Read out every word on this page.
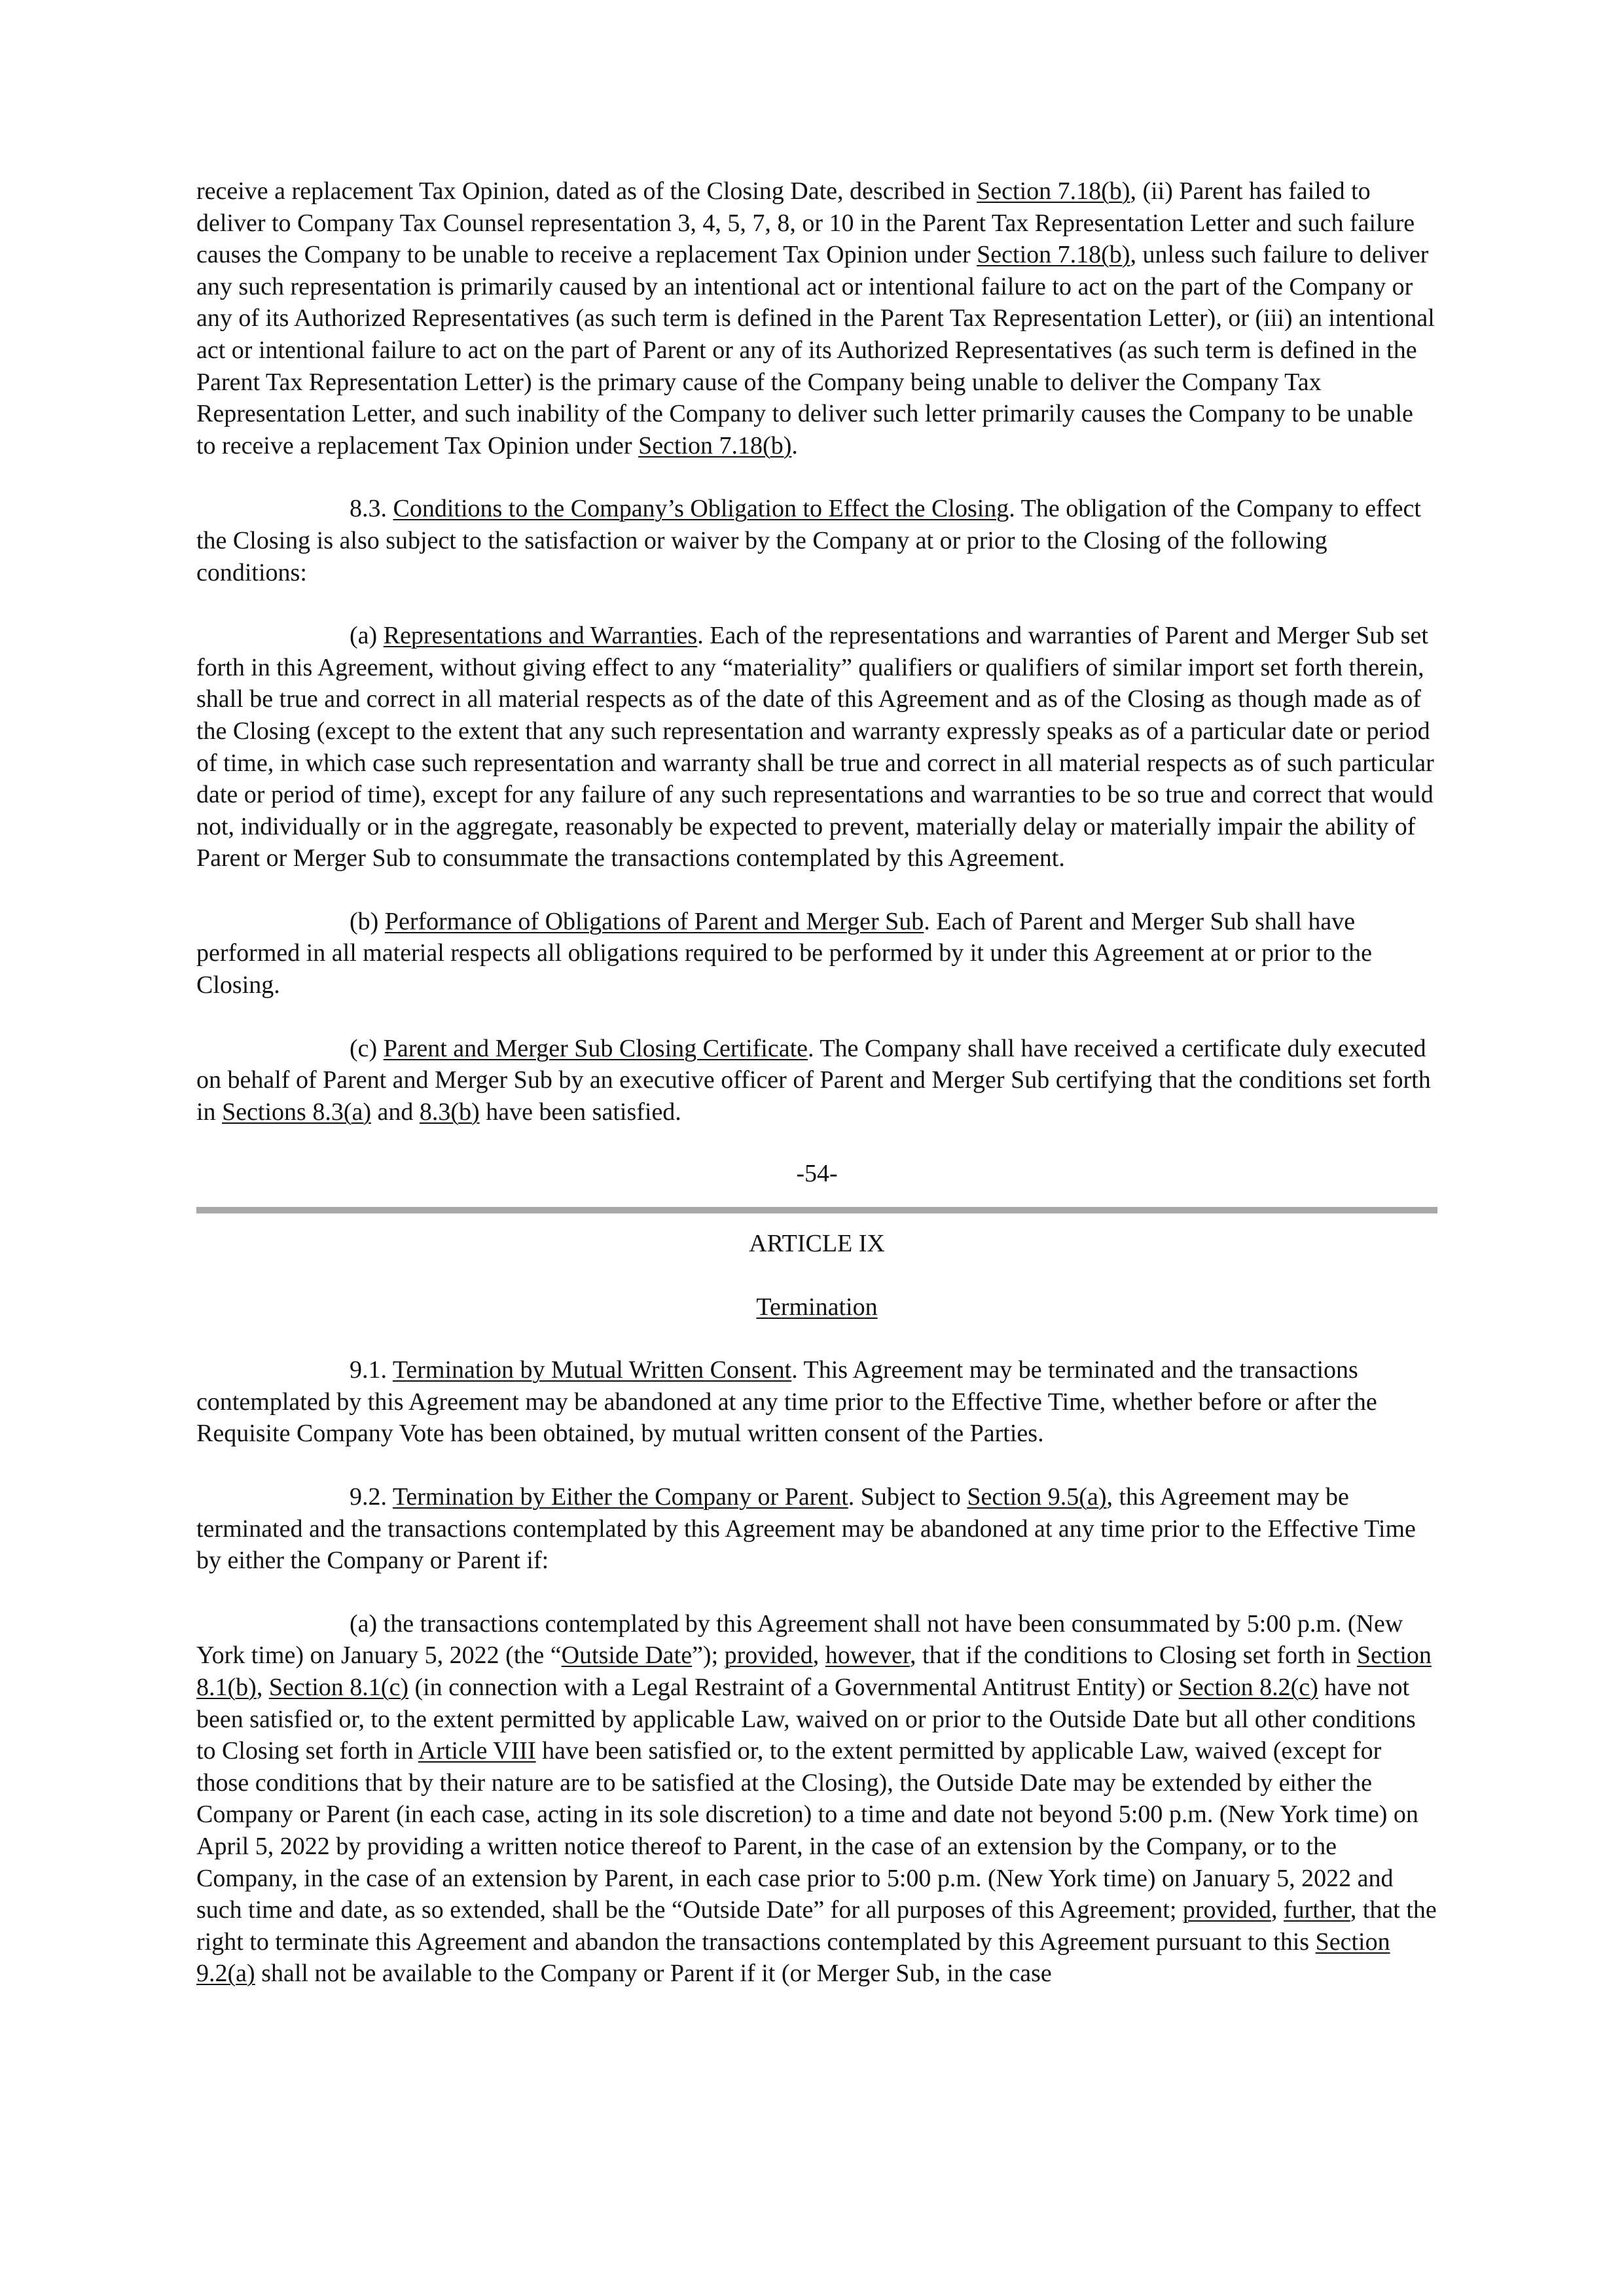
receive a replacement Tax Opinion, dated as of the Closing Date, described in Section 7.18(b), (ii) Parent has failed to deliver to Company Tax Counsel representation 3, 4, 5, 7, 8, or 10 in the Parent Tax Representation Letter and such failure causes the Company to be unable to receive a replacement Tax Opinion under Section 7.18(b), unless such failure to deliver any such representation is primarily caused by an intentional act or intentional failure to act on the part of the Company or any of its Authorized Representatives (as such term is defined in the Parent Tax Representation Letter), or (iii) an intentional act or intentional failure to act on the part of Parent or any of its Authorized Representatives (as such term is defined in the Parent Tax Representation Letter) is the primary cause of the Company being unable to deliver the Company Tax Representation Letter, and such inability of the Company to deliver such letter primarily causes the Company to be unable to receive a replacement Tax Opinion under Section 7.18(b).

8.3. Conditions to the Company’s Obligation to Effect the Closing. The obligation of the Company to effect the Closing is also subject to the satisfaction or waiver by the Company at or prior to the Closing of the following conditions:

(a) Representations and Warranties. Each of the representations and warranties of Parent and Merger Sub set forth in this Agreement, without giving effect to any “materiality” qualifiers or qualifiers of similar import set forth therein, shall be true and correct in all material respects as of the date of this Agreement and as of the Closing as though made as of the Closing (except to the extent that any such representation and warranty expressly speaks as of a particular date or period of time, in which case such representation and warranty shall be true and correct in all material respects as of such particular date or period of time), except for any failure of any such representations and warranties to be so true and correct that would not, individually or in the aggregate, reasonably be expected to prevent, materially delay or materially impair the ability of Parent or Merger Sub to consummate the transactions contemplated by this Agreement.

(b) Performance of Obligations of Parent and Merger Sub. Each of Parent and Merger Sub shall have performed in all material respects all obligations required to be performed by it under this Agreement at or prior to the Closing.

(c) Parent and Merger Sub Closing Certificate. The Company shall have received a certificate duly executed on behalf of Parent and Merger Sub by an executive officer of Parent and Merger Sub certifying that the conditions set forth in Sections 8.3(a) and 8.3(b) have been satisfied.

-54-

ARTICLE IX

Termination

9.1. Termination by Mutual Written Consent. This Agreement may be terminated and the transactions contemplated by this Agreement may be abandoned at any time prior to the Effective Time, whether before or after the Requisite Company Vote has been obtained, by mutual written consent of the Parties.

9.2. Termination by Either the Company or Parent. Subject to Section 9.5(a), this Agreement may be terminated and the transactions contemplated by this Agreement may be abandoned at any time prior to the Effective Time by either the Company or Parent if:

(a) the transactions contemplated by this Agreement shall not have been consummated by 5:00 p.m. (New York time) on January 5, 2022 (the “Outside Date”); provided, however, that if the conditions to Closing set forth in Section 8.1(b), Section 8.1(c) (in connection with a Legal Restraint of a Governmental Antitrust Entity) or Section 8.2(c) have not been satisfied or, to the extent permitted by applicable Law, waived on or prior to the Outside Date but all other conditions to Closing set forth in Article VIII have been satisfied or, to the extent permitted by applicable Law, waived (except for those conditions that by their nature are to be satisfied at the Closing), the Outside Date may be extended by either the Company or Parent (in each case, acting in its sole discretion) to a time and date not beyond 5:00 p.m. (New York time) on April 5, 2022 by providing a written notice thereof to Parent, in the case of an extension by the Company, or to the Company, in the case of an extension by Parent, in each case prior to 5:00 p.m. (New York time) on January 5, 2022 and such time and date, as so extended, shall be the “Outside Date” for all purposes of this Agreement; provided, further, that the right to terminate this Agreement and abandon the transactions contemplated by this Agreement pursuant to this Section 9.2(a) shall not be available to the Company or Parent if it (or Merger Sub, in the case
